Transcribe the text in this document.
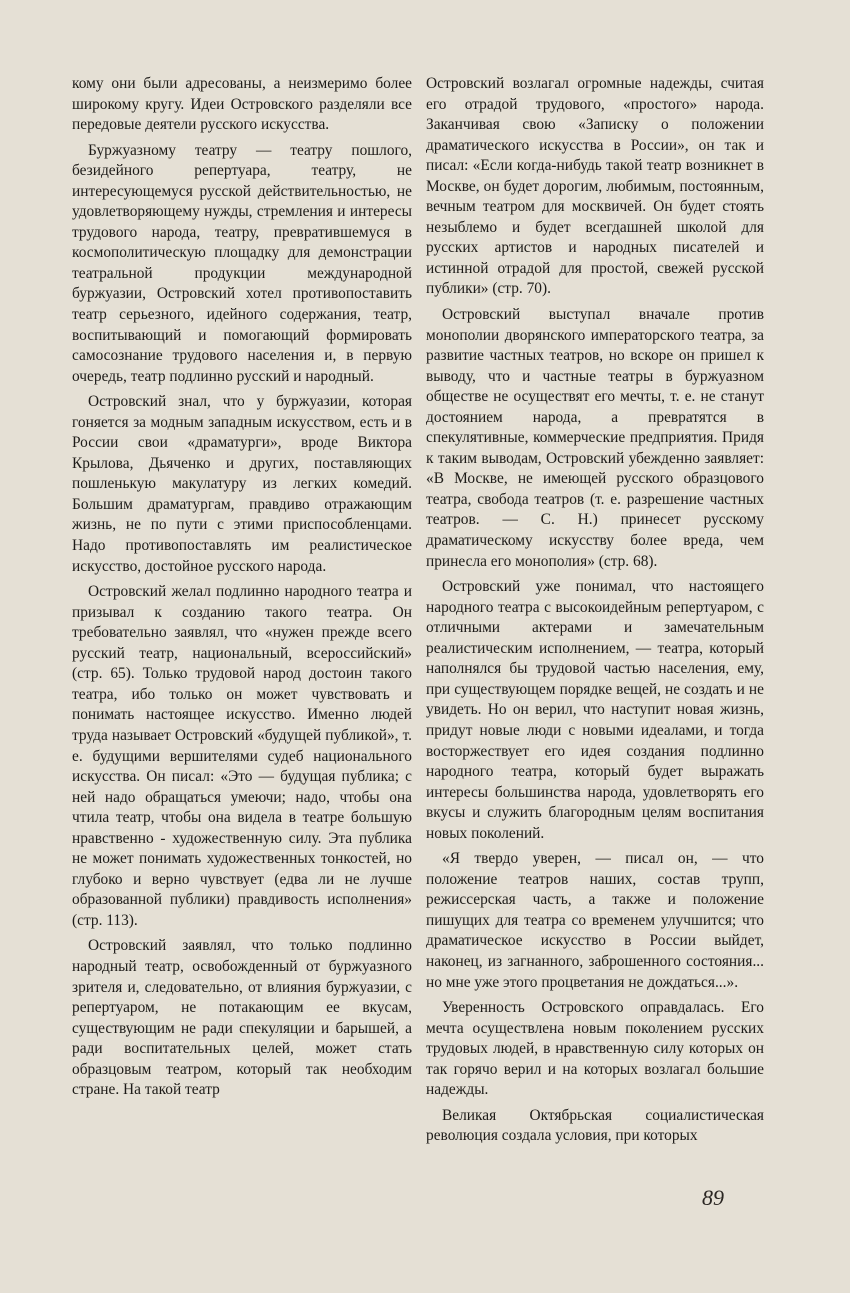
кому они были адресованы, а неизмеримо более широкому кругу. Идеи Островского разделяли все передовые деятели русского искусства.

Буржуазному театру — театру пошлого, безидейного репертуара, театру, не интересующемуся русской действительностью, не удовлетворяющему нужды, стремления и интересы трудового народа, театру, превратившемуся в космополитическую площадку для демонстрации театральной продукции международной буржуазии, Островский хотел противопоставить театр серьезного, идейного содержания, театр, воспитывающий и помогающий формировать самосознание трудового населения и, в первую очередь, театр подлинно русский и народный.

Островский знал, что у буржуазии, которая гоняется за модным западным искусством, есть и в России свои «драматурги», вроде Виктора Крылова, Дьяченко и других, поставляющих пошленькую макулатуру из легких комедий. Большим драматургам, правдиво отражающим жизнь, не по пути с этими приспособленцами. Надо противопоставлять им реалистическое искусство, достойное русского народа.

Островский желал подлинно народного театра и призывал к созданию такого театра. Он требовательно заявлял, что «нужен прежде всего русский театр, национальный, всероссийский» (стр. 65). Только трудовой народ достоин такого театра, ибо только он может чувствовать и понимать настоящее искусство. Именно людей труда называет Островский «будущей публикой», т. е. будущими вершителями судеб национального искусства. Он писал: «Это — будущая публика; с ней надо обращаться умеючи; надо, чтобы она чтила театр, чтобы она видела в театре большую нравственно - художественную силу. Эта публика не может понимать художественных тонкостей, но глубоко и верно чувствует (едва ли не лучше образованной публики) правдивость исполнения» (стр. 113).

Островский заявлял, что только подлинно народный театр, освобожденный от буржуазного зрителя и, следовательно, от влияния буржуазии, с репертуаром, не потакающим ее вкусам, существующим не ради спекуляции и барышей, а ради воспитательных целей, может стать образцовым театром, который так необходим стране. На такой театр

Островский возлагал огромные надежды, считая его отрадой трудового, «простого» народа. Заканчивая свою «Записку о положении драматического искусства в России», он так и писал: «Если когда-нибудь такой театр возникнет в Москве, он будет дорогим, любимым, постоянным, вечным театром для москвичей. Он будет стоять незыблемо и будет всегдашней школой для русских артистов и народных писателей и истинной отрадой для простой, свежей русской публики» (стр. 70).

Островский выступал вначале против монополии дворянского императорского театра, за развитие частных театров, но вскоре он пришел к выводу, что и частные театры в буржуазном обществе не осуществят его мечты, т. е. не станут достоянием народа, а превратятся в спекулятивные, коммерческие предприятия. Придя к таким выводам, Островский убежденно заявляет: «В Москве, не имеющей русского образцового театра, свобода театров (т. е. разрешение частных театров. — С. Н.) принесет русскому драматическому искусству более вреда, чем принесла его монополия» (стр. 68).

Островский уже понимал, что настоящего народного театра с высокоидейным репертуаром, с отличными актерами и замечательным реалистическим исполнением, — театра, который наполнялся бы трудовой частью населения, ему, при существующем порядке вещей, не создать и не увидеть. Но он верил, что наступит новая жизнь, придут новые люди с новыми идеалами, и тогда восторжествует его идея создания подлинно народного театра, который будет выражать интересы большинства народа, удовлетворять его вкусы и служить благородным целям воспитания новых поколений.

«Я твердо уверен, — писал он, — что положение театров наших, состав трупп, режиссерская часть, а также и положение пишущих для театра со временем улучшится; что драматическое искусство в России выйдет, наконец, из загнанного, заброшенного состояния... но мне уже этого процветания не дождаться...».

Уверенность Островского оправдалась. Его мечта осуществлена новым поколением русских трудовых людей, в нравственную силу которых он так горячо верил и на которых возлагал большие надежды.

Великая Октябрьская социалистическая революция создала условия, при которых

89
